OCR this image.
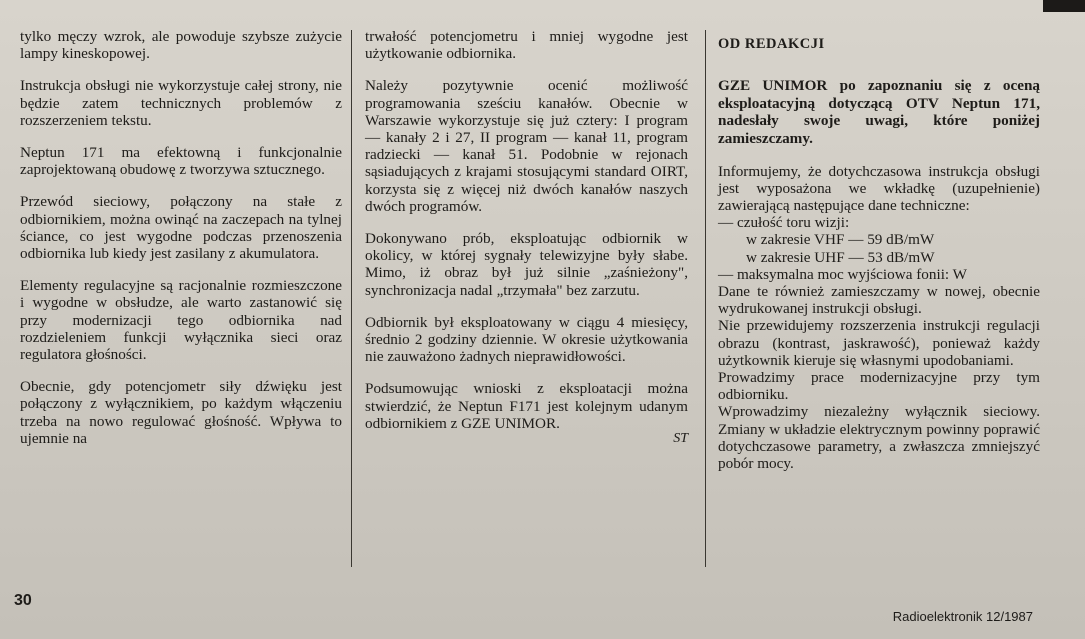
tylko męczy wzrok, ale powoduje szybsze zużycie lampy kineskopowej.

Instrukcja obsługi nie wykorzystuje całej strony, nie będzie zatem technicznych problemów z rozszerzeniem tekstu.

Neptun 171 ma efektowną i funkcjonalnie zaprojektowaną obudowę z tworzywa sztucznego.

Przewód sieciowy, połączony na stałe z odbiornikiem, można owinąć na zaczepach na tylnej ściance, co jest wygodne podczas przenoszenia odbiornika lub kiedy jest zasilany z akumulatora.

Elementy regulacyjne są racjonalnie rozmieszczone i wygodne w obsłudze, ale warto zastanowić się przy modernizacji tego odbiornika nad rozdzieleniem funkcji wyłącznika sieci oraz regulatora głośności.

Obecnie, gdy potencjometr siły dźwięku jest połączony z wyłącznikiem, po każdym włączeniu trzeba na nowo regulować głośność. Wpływa to ujemnie na

trwałość potencjometru i mniej wygodne jest użytkowanie odbiornika.

Należy pozytywnie ocenić możliwość programowania sześciu kanałów. Obecnie w Warszawie wykorzystuje się już cztery: I program — kanały 2 i 27, II program — kanał 11, program radziecki — kanał 51. Podobnie w rejonach sąsiadujących z krajami stosującymi standard OIRT, korzysta się z więcej niż dwóch kanałów naszych dwóch programów.

Dokonywano prób, eksploatując odbiornik w okolicy, w której sygnały telewizyjne były słabe. Mimo, iż obraz był już silnie „zaśnieżony", synchronizacja nadal „trzymała" bez zarzutu.

Odbiornik był eksploatowany w ciągu 4 miesięcy, średnio 2 godziny dziennie. W okresie użytkowania nie zauważono żadnych nieprawidłowości.

Podsumowując wnioski z eksploatacji można stwierdzić, że Neptun F171 jest kolejnym udanym odbiornikiem z GZE UNIMOR.

ST
OD REDAKCJI

GZE UNIMOR po zapoznaniu się z oceną eksploatacyjną dotyczącą OTV Neptun 171, nadesłały swoje uwagi, które poniżej zamieszczamy.

Informujemy, że dotychczasowa instrukcja obsługi jest wyposażona we wkładkę (uzupełnienie) zawierającą następujące dane techniczne:

— czułość toru wizji:

w zakresie VHF — 59 dB/mW

w zakresie UHF — 53 dB/mW

— maksymalna moc wyjściowa fonii: W

Dane te również zamieszczamy w nowej, obecnie wydrukowanej instrukcji obsługi.

Nie przewidujemy rozszerzenia instrukcji regulacji obrazu (kontrast, jaskrawość), ponieważ każdy użytkownik kieruje się własnymi upodobaniami.

Prowadzimy prace modernizacyjne przy tym odbiorniku.

Wprowadzimy niezależny wyłącznik sieciowy. Zmiany w układzie elektrycznym powinny poprawić dotychczasowe parametry, a zwłaszcza zmniejszyć pobór mocy.

30
Radioelektronik 12/1987
